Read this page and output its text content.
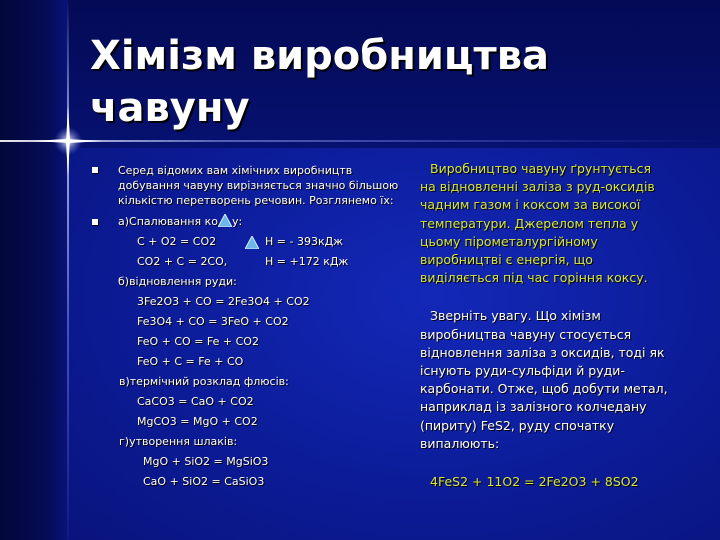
Хімізм виробництва чавуну
Серед відомих вам хімічних виробництв добування чавуну вирізняється значно більшою кількістю перетворень речовин. Розглянемо їх:
а)Спалювання ко у:
C + O2 = CO2	H = - 393кДж
CO2 + C = 2CO,	H = +172 кДж
б)відновлення руди:
3Fe2O3 + CO = 2Fe3O4 + CO2
Fe3O4 + CO = 3FeO + CO2
FeO + CO = Fe + CO2
FeO + C = Fe + CO
в)термічний розклад флюсів:
CaCO3 = CaO + CO2
MgCO3 = MgO + CO2
г)утворення шлаків:
MgO + SiO2 = MgSiO3
CaO + SiO2 = CaSiO3

Виробництво чавуну ґрунтується на відновленні заліза з руд-оксидів чадним газом і коксом за високої температури. Джерелом тепла у цьому пірометалургійному виробництві є енергія, що виділяється під час горіння коксу.

Зверніть увагу. Що хімізм виробництва чавуну стосується відновлення заліза з оксидів, тоді як існують руди-сульфіди й руди-карбонати. Отже, щоб добути метал, наприклад із залізного колчедану (пириту) FeS2, руду спочатку випалюють:

4FeS2 + 11O2 = 2Fe2O3 + 8SO2
